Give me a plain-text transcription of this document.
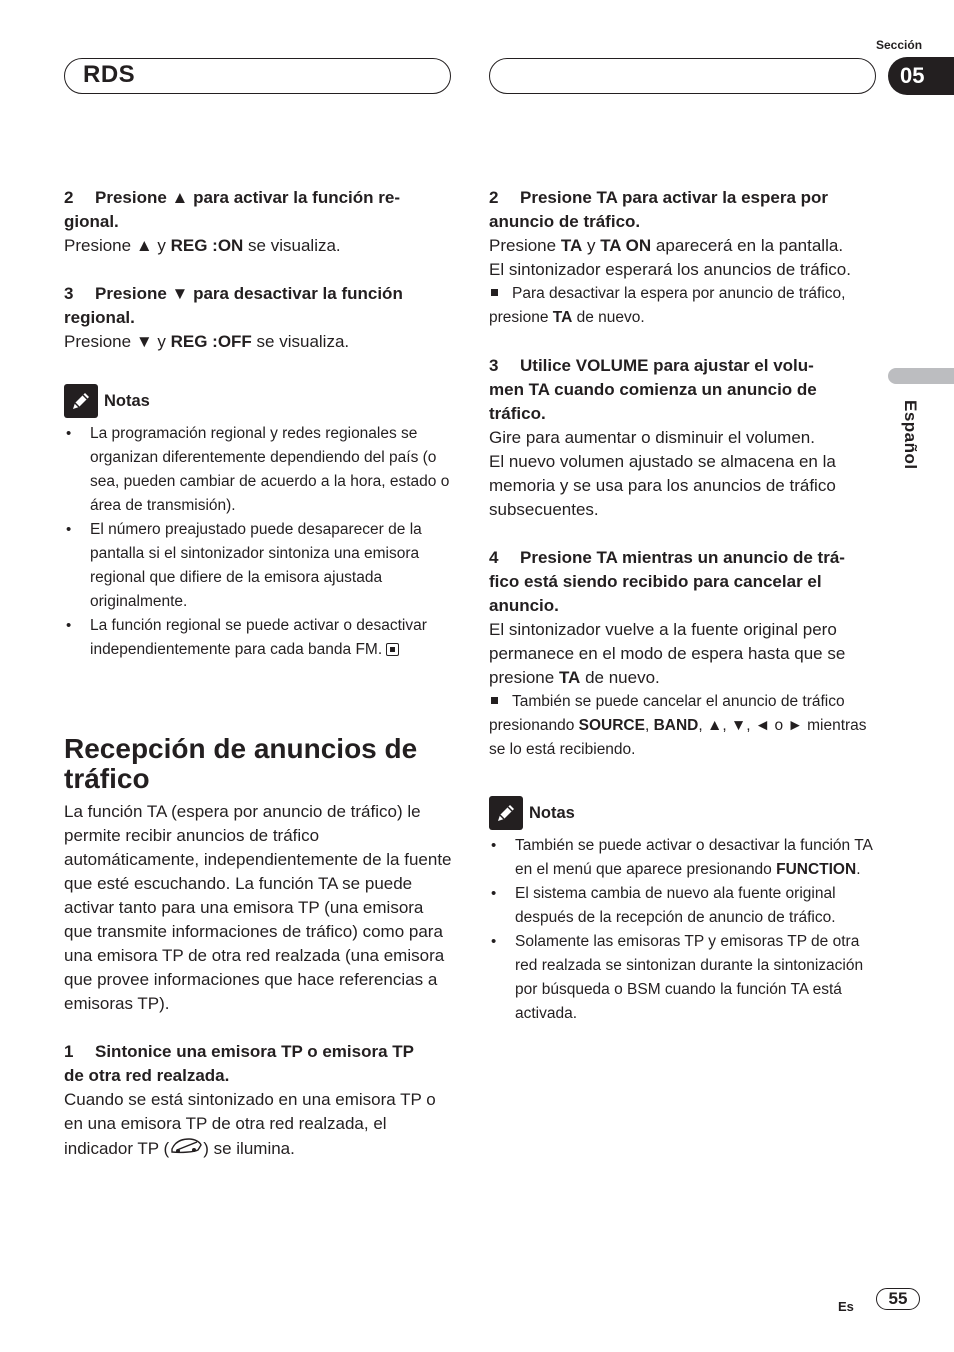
RDS
Sección
05
Español

2 Presione ▲ para activar la función re-
gional.

Presione ▲ y REG :ON se visualiza.

3 Presione ▼ para desactivar la función
regional.

Presione ▼ y REG :OFF se visualiza.

Notas
• La programación regional y redes regionales se organizan diferentemente dependiendo del país (o sea, pueden cambiar de acuerdo a la hora, estado o área de transmisión).
• El número preajustado puede desaparecer de la pantalla si el sintonizador sintoniza una emisora regional que difiere de la emisora ajustada originalmente.
• La función regional se puede activar o desactivar independientemente para cada banda FM.
Recepción de anuncios de
tráfico

La función TA (espera por anuncio de tráfico) le permite recibir anuncios de tráfico automáticamente, independientemente de la fuente que esté escuchando. La función TA se puede activar tanto para una emisora TP (una emisora que transmite informaciones de tráfico) como para una emisora TP de otra red realzada (una emisora que provee informaciones que hace referencias a emisoras TP).

1 Sintonice una emisora TP o emisora TP
de otra red realzada.

Cuando se está sintonizado en una emisora TP o en una emisora TP de otra red realzada, el indicador TP ( ) se ilumina.

2 Presione TA para activar la espera por
anuncio de tráfico.

Presione TA y TA ON aparecerá en la pantalla.

El sintonizador esperará los anuncios de tráfico.

Para desactivar la espera por anuncio de tráfico, presione TA de nuevo.

3 Utilice VOLUME para ajustar el volu-
men TA cuando comienza un anuncio de
tráfico.

Gire para aumentar o disminuir el volumen.

El nuevo volumen ajustado se almacena en la memoria y se usa para los anuncios de tráfico subsecuentes.

4 Presione TA mientras un anuncio de trá-
fico está siendo recibido para cancelar el
anuncio.

El sintonizador vuelve a la fuente original pero permanece en el modo de espera hasta que se presione TA de nuevo.

También se puede cancelar el anuncio de tráfico presionando SOURCE, BAND, ▲, ▼, ◄ o ► mientras se lo está recibiendo.

Notas
• También se puede activar o desactivar la función TA en el menú que aparece presionando FUNCTION.
• El sistema cambia de nuevo ala fuente original después de la recepción de anuncio de tráfico.
• Solamente las emisoras TP y emisoras TP de otra red realzada se sintonizan durante la sintonización por búsqueda o BSM cuando la función TA está activada.
Es	55
